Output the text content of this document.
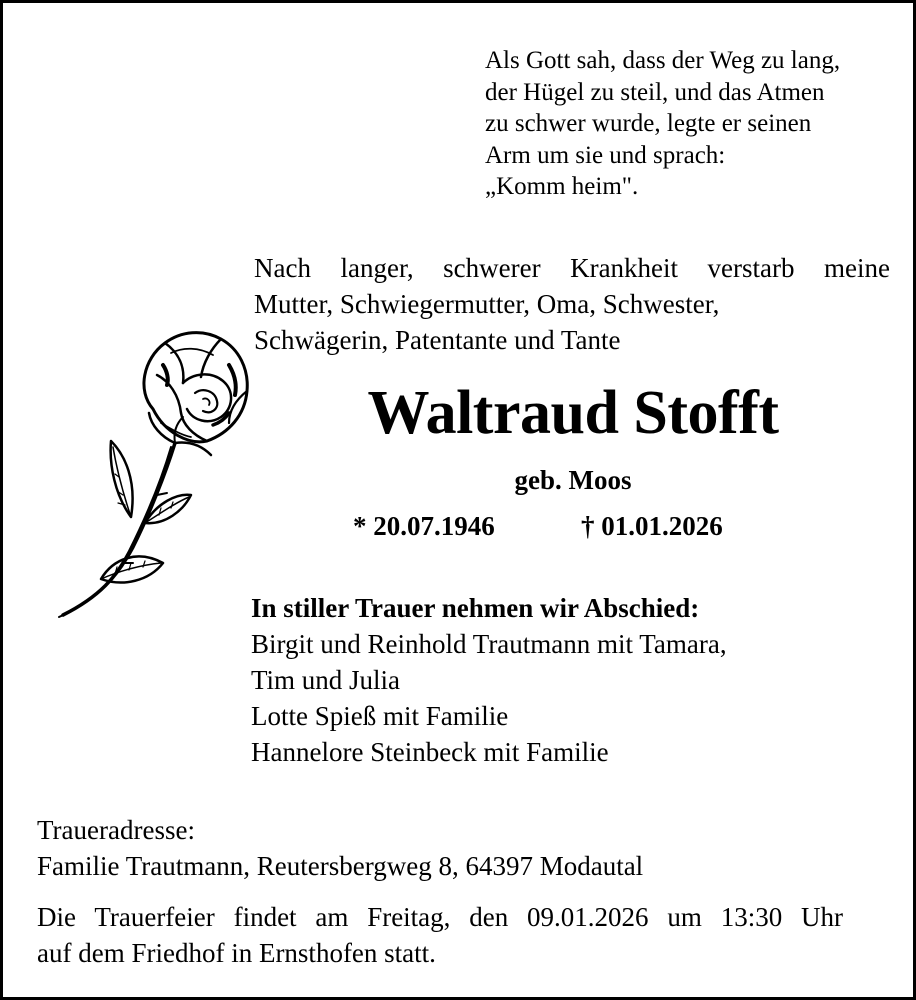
Als Gott sah, dass der Weg zu lang,
der Hügel zu steil, und das Atmen
zu schwer wurde, legte er seinen
Arm um sie und sprach:
„Komm heim".
Nach langer, schwerer Krankheit verstarb meine
Mutter, Schwiegermutter, Oma, Schwester,
Schwägerin, Patentante und Tante
Waltraud Stofft
geb. Moos
* 20.07.1946	† 01.01.2026
In stiller Trauer nehmen wir Abschied:
Birgit und Reinhold Trautmann mit Tamara,
Tim und Julia
Lotte Spieß mit Familie
Hannelore Steinbeck mit Familie
Traueradresse:
Familie Trautmann, Reutersbergweg 8, 64397 Modautal
Die Trauerfeier findet am Freitag, den 09.01.2026 um 13:30 Uhr
auf dem Friedhof in Ernsthofen statt.
